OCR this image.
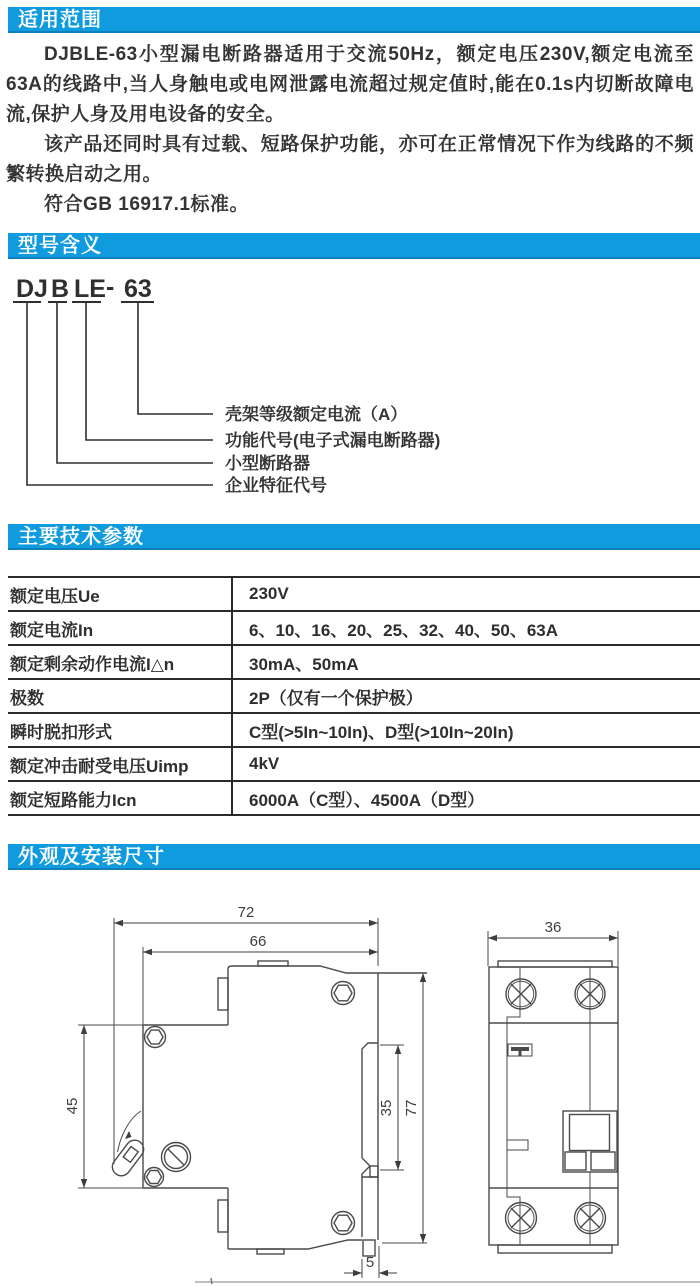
适用范围
型号含义
主要技术参数
外观及安装尺寸

DJBLE-63小型漏电断路器适用于交流50Hz，额定电压230V,额定电流至63A的线路中,当人身触电或电网泄露电流超过规定值时,能在0.1s内切断故障电流,保护人身及用电设备的安全。

该产品还同时具有过载、短路保护功能，亦可在正常情况下作为线路的不频繁转换启动之用。

符合GB 16917.1标准。

DJ B LE - 63
壳架等级额定电流（A）
功能代号(电子式漏电断路器)
小型断路器
企业特征代号
额定电压Ue	230V
额定电流In	6、10、16、20、25、32、40、50、63A
额定剩余动作电流I△n	30mA、50mA
极数	2P（仅有一个保护极）
瞬时脱扣形式	C型(>5In~10In)、D型(>10In~20In)
额定冲击耐受电压Uimp	4kV
额定短路能力Icn	6000A（C型）、4500A（D型）
72
66
45	77
35
5
36
